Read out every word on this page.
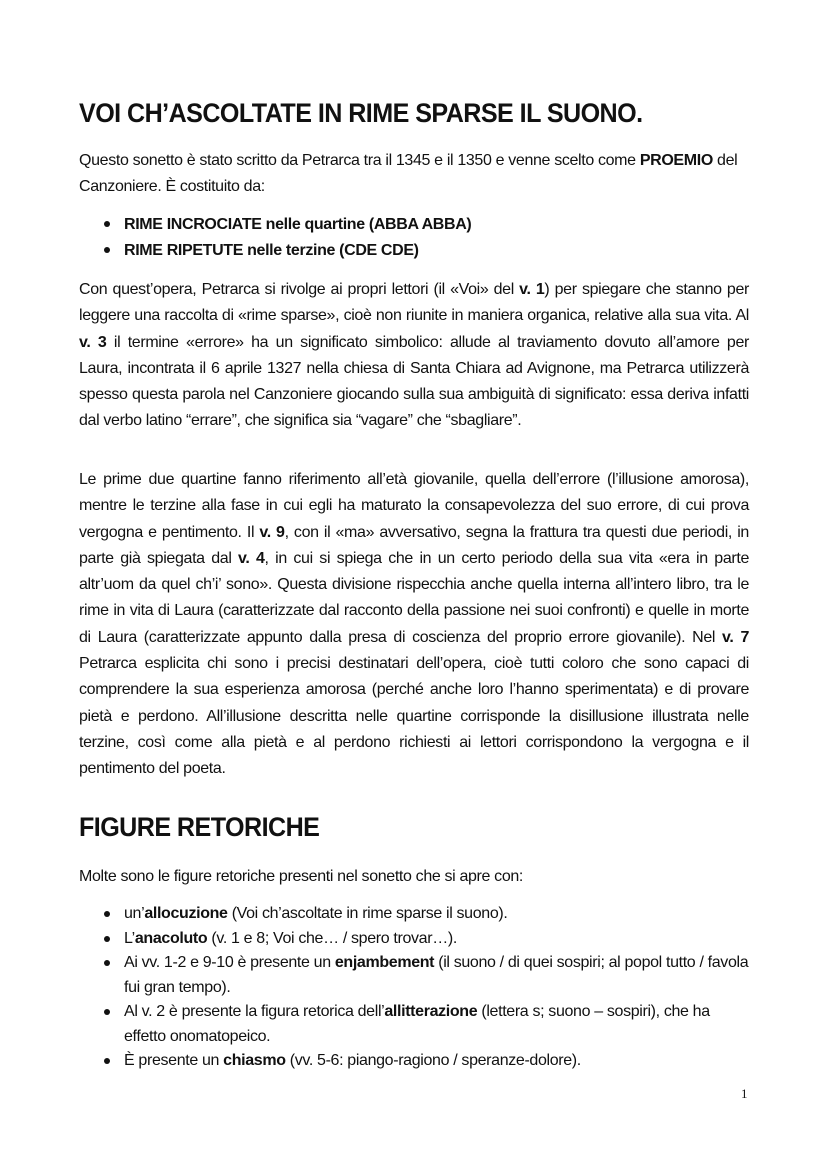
VOI CH’ASCOLTATE IN RIME SPARSE IL SUONO.

Questo sonetto è stato scritto da Petrarca tra il 1345 e il 1350 e venne scelto come PROEMIO del Canzoniere. È costituito da:

RIME INCROCIATE nelle quartine (ABBA ABBA)
RIME RIPETUTE nelle terzine (CDE CDE)

Con quest’opera, Petrarca si rivolge ai propri lettori (il «Voi» del v. 1) per spiegare che stanno per leggere una raccolta di «rime sparse», cioè non riunite in maniera organica, relative alla sua vita. Al v. 3 il termine «errore» ha un significato simbolico: allude al traviamento dovuto all’amore per Laura, incontrata il 6 aprile 1327 nella chiesa di Santa Chiara ad Avignone, ma Petrarca utilizzerà spesso questa parola nel Canzoniere giocando sulla sua ambiguità di significato: essa deriva infatti dal verbo latino “errare”, che significa sia “vagare” che “sbagliare”.

Le prime due quartine fanno riferimento all’età giovanile, quella dell’errore (l’illusione amorosa), mentre le terzine alla fase in cui egli ha maturato la consapevolezza del suo errore, di cui prova vergogna e pentimento. Il v. 9, con il «ma» avversativo, segna la frattura tra questi due periodi, in parte già spiegata dal v. 4, in cui si spiega che in un certo periodo della sua vita «era in parte altr’uom da quel ch’i’ sono». Questa divisione rispecchia anche quella interna all’intero libro, tra le rime in vita di Laura (caratterizzate dal racconto della passione nei suoi confronti) e quelle in morte di Laura (caratterizzate appunto dalla presa di coscienza del proprio errore giovanile). Nel v. 7 Petrarca esplicita chi sono i precisi destinatari dell’opera, cioè tutti coloro che sono capaci di comprendere la sua esperienza amorosa (perché anche loro l’hanno sperimentata) e di provare pietà e perdono. All’illusione descritta nelle quartine corrisponde la disillusione illustrata nelle terzine, così come alla pietà e al perdono richiesti ai lettori corrispondono la vergogna e il pentimento del poeta.

FIGURE RETORICHE

Molte sono le figure retoriche presenti nel sonetto che si apre con:

un’allocuzione (Voi ch’ascoltate in rime sparse il suono).
L’anacoluto (v. 1 e 8; Voi che… / spero trovar…).
Ai vv. 1-2 e 9-10 è presente un enjambement (il suono / di quei sospiri; al popol tutto / favola fui gran tempo).
Al v. 2 è presente la figura retorica dell’allitterazione (lettera s; suono – sospiri), che ha effetto onomatopeico.
È presente un chiasmo (vv. 5-6: piango-ragiono / speranze-dolore).
1
